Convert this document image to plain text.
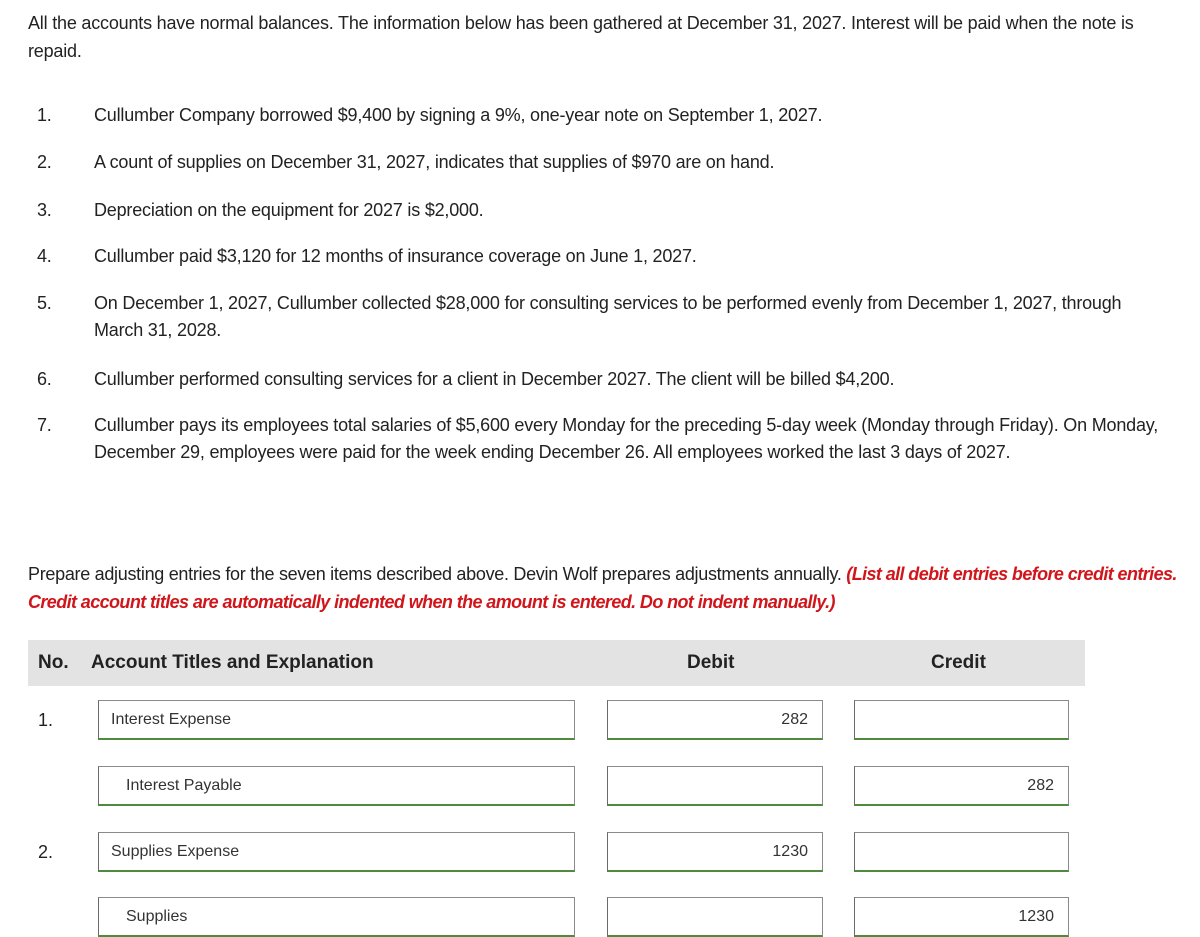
All the accounts have normal balances. The information below has been gathered at December 31, 2027. Interest will be paid when the note is repaid.
1. Cullumber Company borrowed $9,400 by signing a 9%, one-year note on September 1, 2027.
2. A count of supplies on December 31, 2027, indicates that supplies of $970 are on hand.
3. Depreciation on the equipment for 2027 is $2,000.
4. Cullumber paid $3,120 for 12 months of insurance coverage on June 1, 2027.
5. On December 1, 2027, Cullumber collected $28,000 for consulting services to be performed evenly from December 1, 2027, through March 31, 2028.
6. Cullumber performed consulting services for a client in December 2027. The client will be billed $4,200.
7. Cullumber pays its employees total salaries of $5,600 every Monday for the preceding 5-day week (Monday through Friday). On Monday, December 29, employees were paid for the week ending December 26. All employees worked the last 3 days of 2027.
Prepare adjusting entries for the seven items described above. Devin Wolf prepares adjustments annually. (List all debit entries before credit entries. Credit account titles are automatically indented when the amount is entered. Do not indent manually.)
No. Account Titles and Explanation	Debit	Credit
1.
Interest Expense
282
Interest Payable
282
2.
Supplies Expense
1230
Supplies
1230
